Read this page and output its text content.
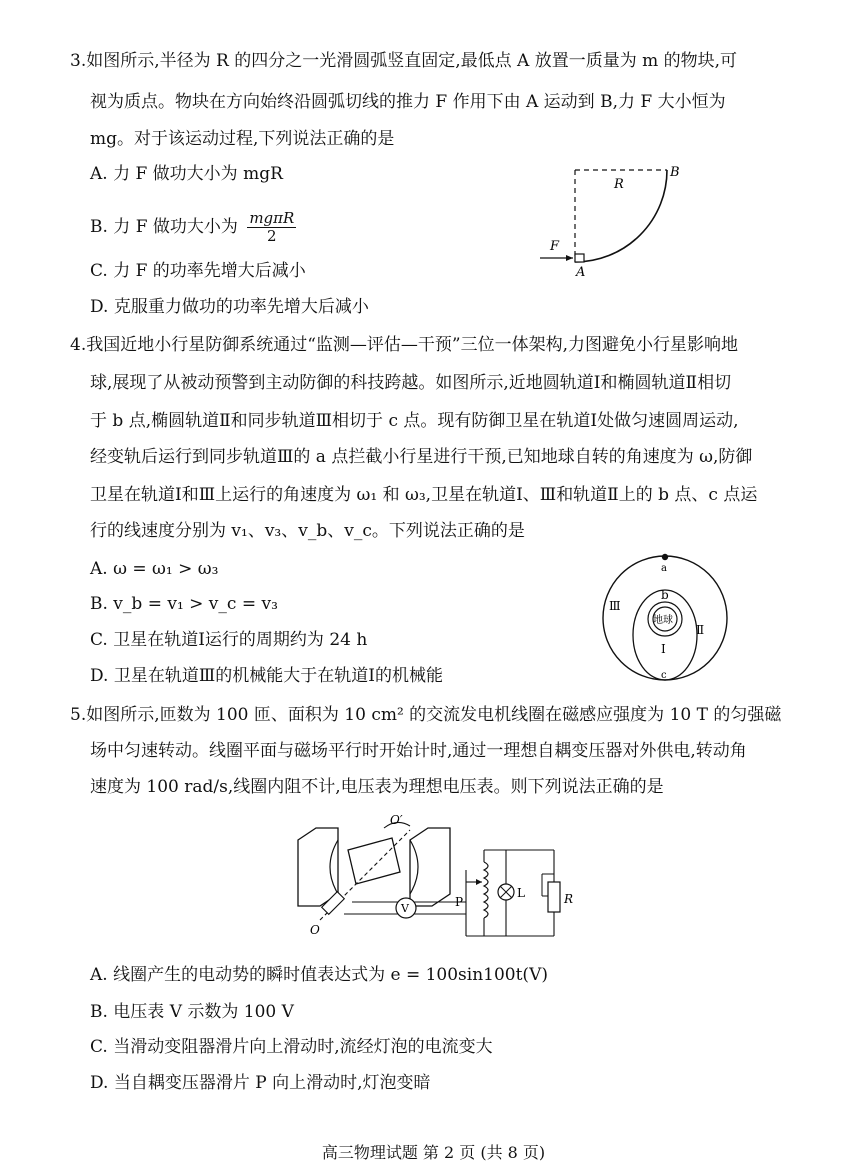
3.如图所示,半径为 R 的四分之一光滑圆弧竖直固定,最低点 A 放置一质量为 m 的物块,可
视为质点。物块在方向始终沿圆弧切线的推力 F 作用下由 A 运动到 B,力 F 大小恒为
mg。对于该运动过程,下列说法正确的是
A. 力 F 做功大小为 mgR
B. 力 F 做功大小为 $\frac{\text{mgπR}}{2}$
C. 力 F 的功率先增大后减小
D. 克服重力做功的功率先增大后减小
R
B
F
A
4.我国近地小行星防御系统通过“监测—评估—干预”三位一体架构,力图避免小行星影响地
球,展现了从被动预警到主动防御的科技跨越。如图所示,近地圆轨道Ⅰ和椭圆轨道Ⅱ相切
于 b 点,椭圆轨道Ⅱ和同步轨道Ⅲ相切于 c 点。现有防御卫星在轨道Ⅰ处做匀速圆周运动,
经变轨后运行到同步轨道Ⅲ的 a 点拦截小行星进行干预,已知地球自转的角速度为 ω,防御
卫星在轨道Ⅰ和Ⅲ上运行的角速度为 ω₁ 和 ω₃,卫星在轨道Ⅰ、Ⅲ和轨道Ⅱ上的 b 点、c 点运
行的线速度分别为 v₁、v₃、v_b、v_c。下列说法正确的是
A. ω = ω₁ > ω₃
B. v_b = v₁ > v_c = v₃
C. 卫星在轨道Ⅰ运行的周期约为 24 h
D. 卫星在轨道Ⅲ的机械能大于在轨道Ⅰ的机械能
a
b
c
Ⅲ
Ⅱ
Ⅰ
地球
5.如图所示,匝数为 100 匝、面积为 10 cm² 的交流发电机线圈在磁感应强度为 10 T 的匀强磁
场中匀速转动。线圈平面与磁场平行时开始计时,通过一理想自耦变压器对外供电,转动角
速度为 100 rad/s,线圈内阻不计,电压表为理想电压表。则下列说法正确的是
O′
O
V	P
L	R
A. 线圈产生的电动势的瞬时值表达式为 e = 100sin100t(V)
B. 电压表 V 示数为 100 V
C. 当滑动变阻器滑片向上滑动时,流经灯泡的电流变大
D. 当自耦变压器滑片 P 向上滑动时,灯泡变暗
高三物理试题 第 2 页 (共 8 页)
